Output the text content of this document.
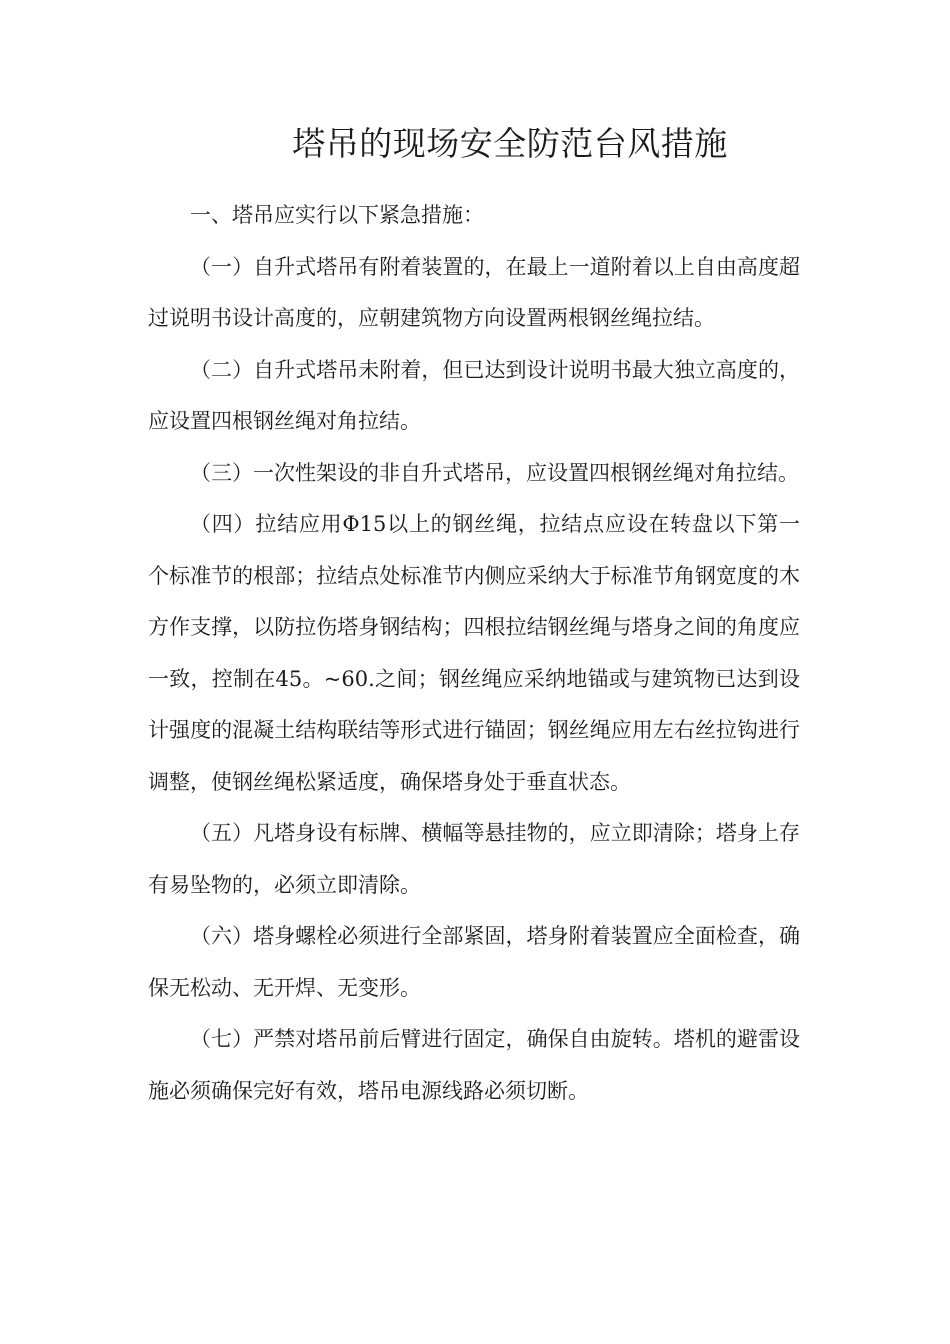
塔吊的现场安全防范台风措施

一、塔吊应实行以下紧急措施：

（一）自升式塔吊有附着装置的，在最上一道附着以上自由高度超过说明书设计高度的，应朝建筑物方向设置两根钢丝绳拉结。

（二）自升式塔吊未附着，但已达到设计说明书最大独立高度的，应设置四根钢丝绳对角拉结。

（三）一次性架设的非自升式塔吊，应设置四根钢丝绳对角拉结。

（四）拉结应用Φ15以上的钢丝绳，拉结点应设在转盘以下第一个标准节的根部；拉结点处标准节内侧应采纳大于标准节角钢宽度的木方作支撑，以防拉伤塔身钢结构；四根拉结钢丝绳与塔身之间的角度应一致，控制在45。~60.之间；钢丝绳应采纳地锚或与建筑物已达到设计强度的混凝土结构联结等形式进行锚固；钢丝绳应用左右丝拉钩进行调整，使钢丝绳松紧适度，确保塔身处于垂直状态。

（五）凡塔身设有标牌、横幅等悬挂物的，应立即清除；塔身上存有易坠物的，必须立即清除。

（六）塔身螺栓必须进行全部紧固，塔身附着装置应全面检查，确保无松动、无开焊、无变形。

（七）严禁对塔吊前后臂进行固定，确保自由旋转。塔机的避雷设施必须确保完好有效，塔吊电源线路必须切断。
